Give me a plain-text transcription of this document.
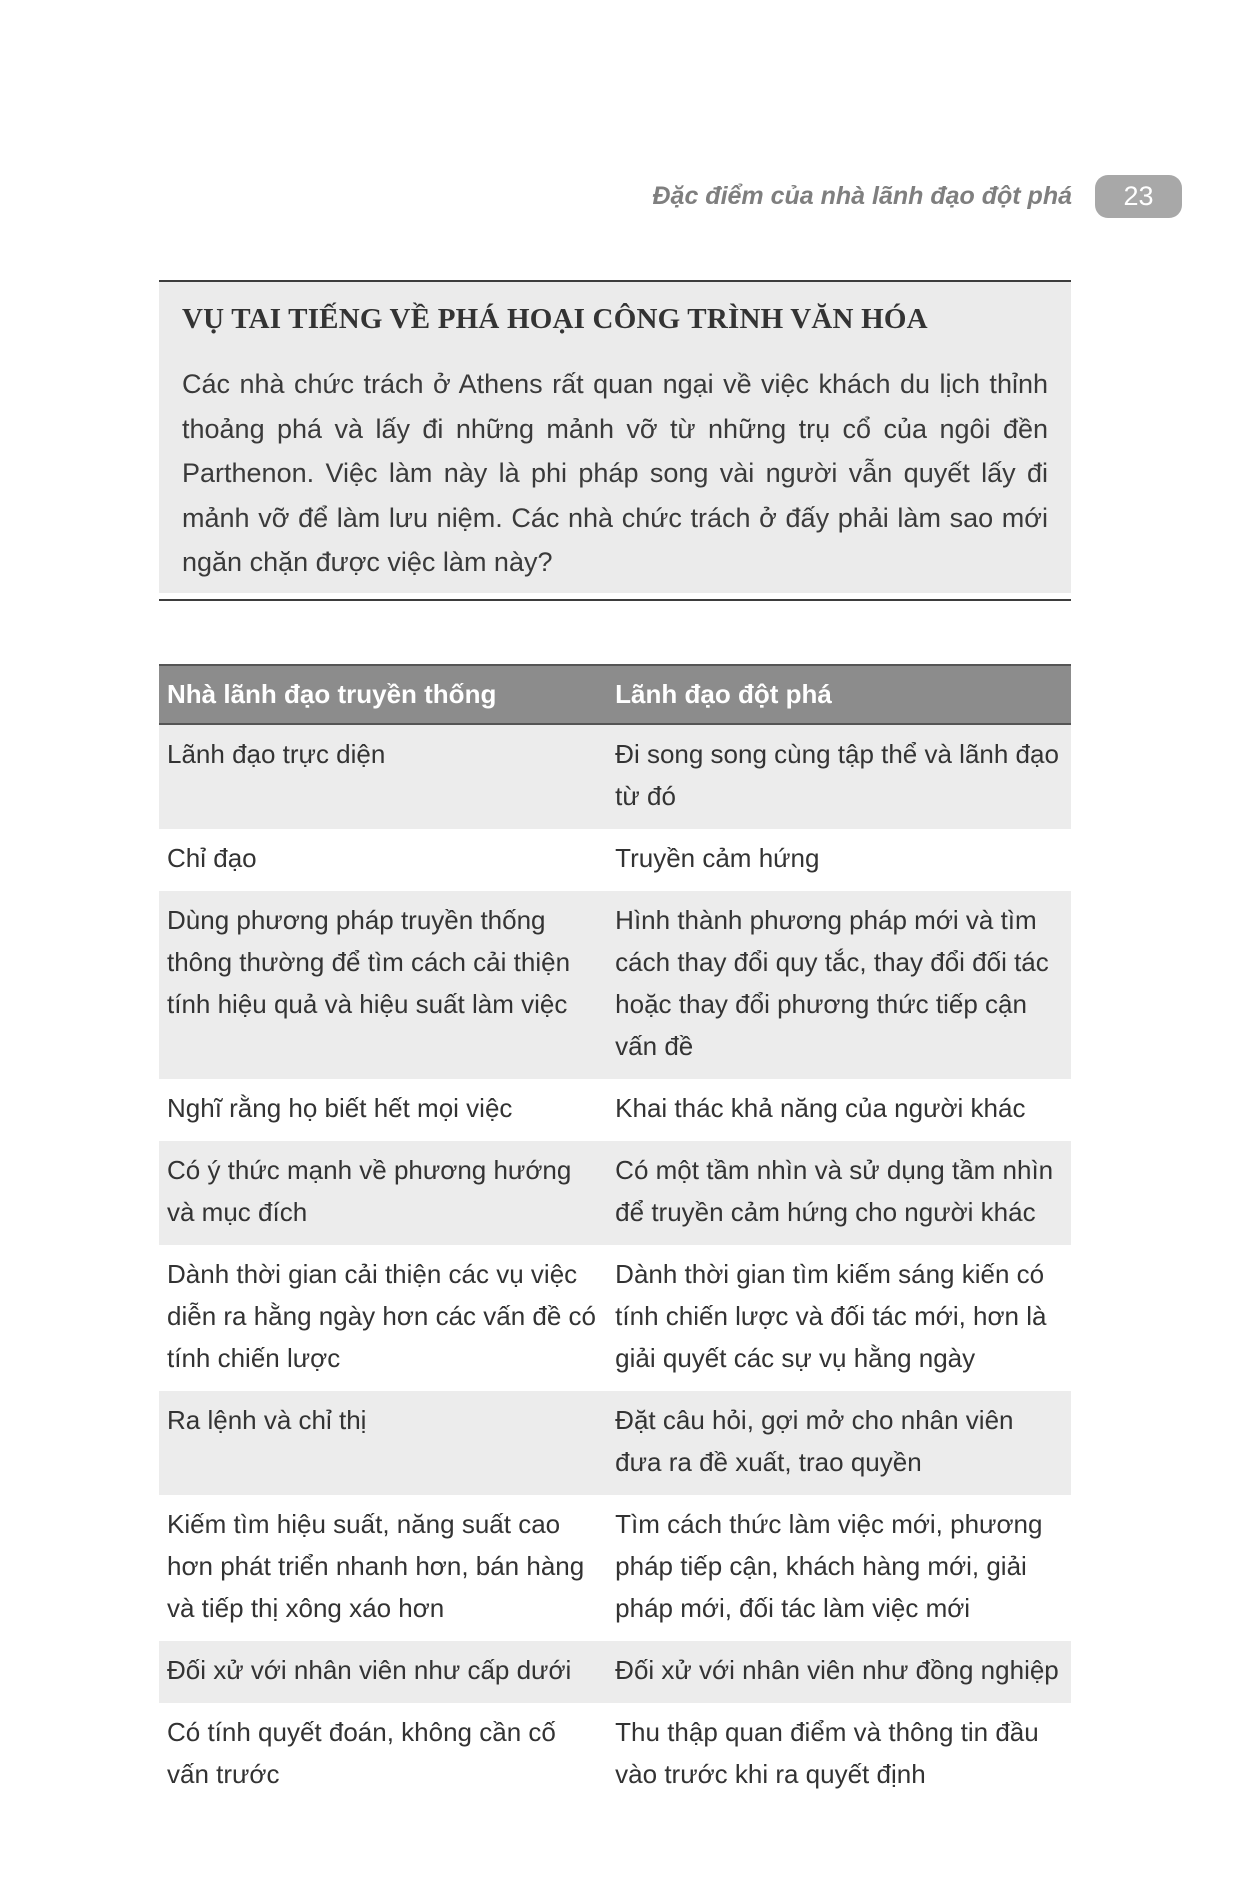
Đặc điểm của nhà lãnh đạo đột phá	23
VỤ TAI TIẾNG VỀ PHÁ HOẠI CÔNG TRÌNH VĂN HÓA
Các nhà chức trách ở Athens rất quan ngại về việc khách du lịch thỉnh thoảng phá và lấy đi những mảnh vỡ từ những trụ cổ của ngôi đền Parthenon. Việc làm này là phi pháp song vài người vẫn quyết lấy đi mảnh vỡ để làm lưu niệm. Các nhà chức trách ở đấy phải làm sao mới ngăn chặn được việc làm này?
Nhà lãnh đạo truyền thống	Lãnh đạo đột phá
Lãnh đạo trực diện	Đi song song cùng tập thể và lãnh đạo từ đó
Chỉ đạo	Truyền cảm hứng
Dùng phương pháp truyền thống thông thường để tìm cách cải thiện tính hiệu quả và hiệu suất làm việc	Hình thành phương pháp mới và tìm cách thay đổi quy tắc, thay đổi đối tác hoặc thay đổi phương thức tiếp cận vấn đề
Nghĩ rằng họ biết hết mọi việc	Khai thác khả năng của người khác
Có ý thức mạnh về phương hướng và mục đích	Có một tầm nhìn và sử dụng tầm nhìn để truyền cảm hứng cho người khác
Dành thời gian cải thiện các vụ việc diễn ra hằng ngày hơn các vấn đề có tính chiến lược	Dành thời gian tìm kiếm sáng kiến có tính chiến lược và đối tác mới, hơn là giải quyết các sự vụ hằng ngày
Ra lệnh và chỉ thị	Đặt câu hỏi, gợi mở cho nhân viên đưa ra đề xuất, trao quyền
Kiếm tìm hiệu suất, năng suất cao hơn phát triển nhanh hơn, bán hàng và tiếp thị xông xáo hơn	Tìm cách thức làm việc mới, phương pháp tiếp cận, khách hàng mới, giải pháp mới, đối tác làm việc mới
Đối xử với nhân viên như cấp dưới	Đối xử với nhân viên như đồng nghiệp
Có tính quyết đoán, không cần cố vấn trước	Thu thập quan điểm và thông tin đầu vào trước khi ra quyết định
